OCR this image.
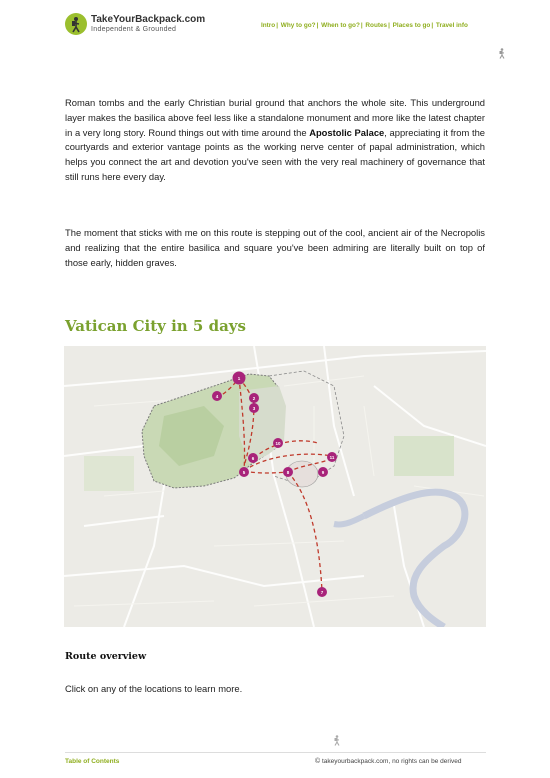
TakeYourBackpack.com
Independent & Grounded
Intro| Why to go?| When to go?| Routes| Places to go| Travel info
Roman tombs and the early Christian burial ground that anchors the whole site. This underground layer makes the basilica above feel less like a standalone monument and more like the latest chapter in a very long story. Round things out with time around the Apostolic Palace, appreciating it from the courtyards and exterior vantage points as the working nerve center of papal administration, which helps you connect the art and devotion you've seen with the very real machinery of governance that still runs here every day.
The moment that sticks with me on this route is stepping out of the cool, ancient air of the Necropolis and realizing that the entire basilica and square you've been admiring are literally built on top of those early, hidden graves.
Vatican City in 5 days
1
2
3
4
5
6
7
8	9
10
11
Route overview
Click on any of the locations to learn more.
Table of Contents	© takeyourbackpack.com, no rights can be derived
